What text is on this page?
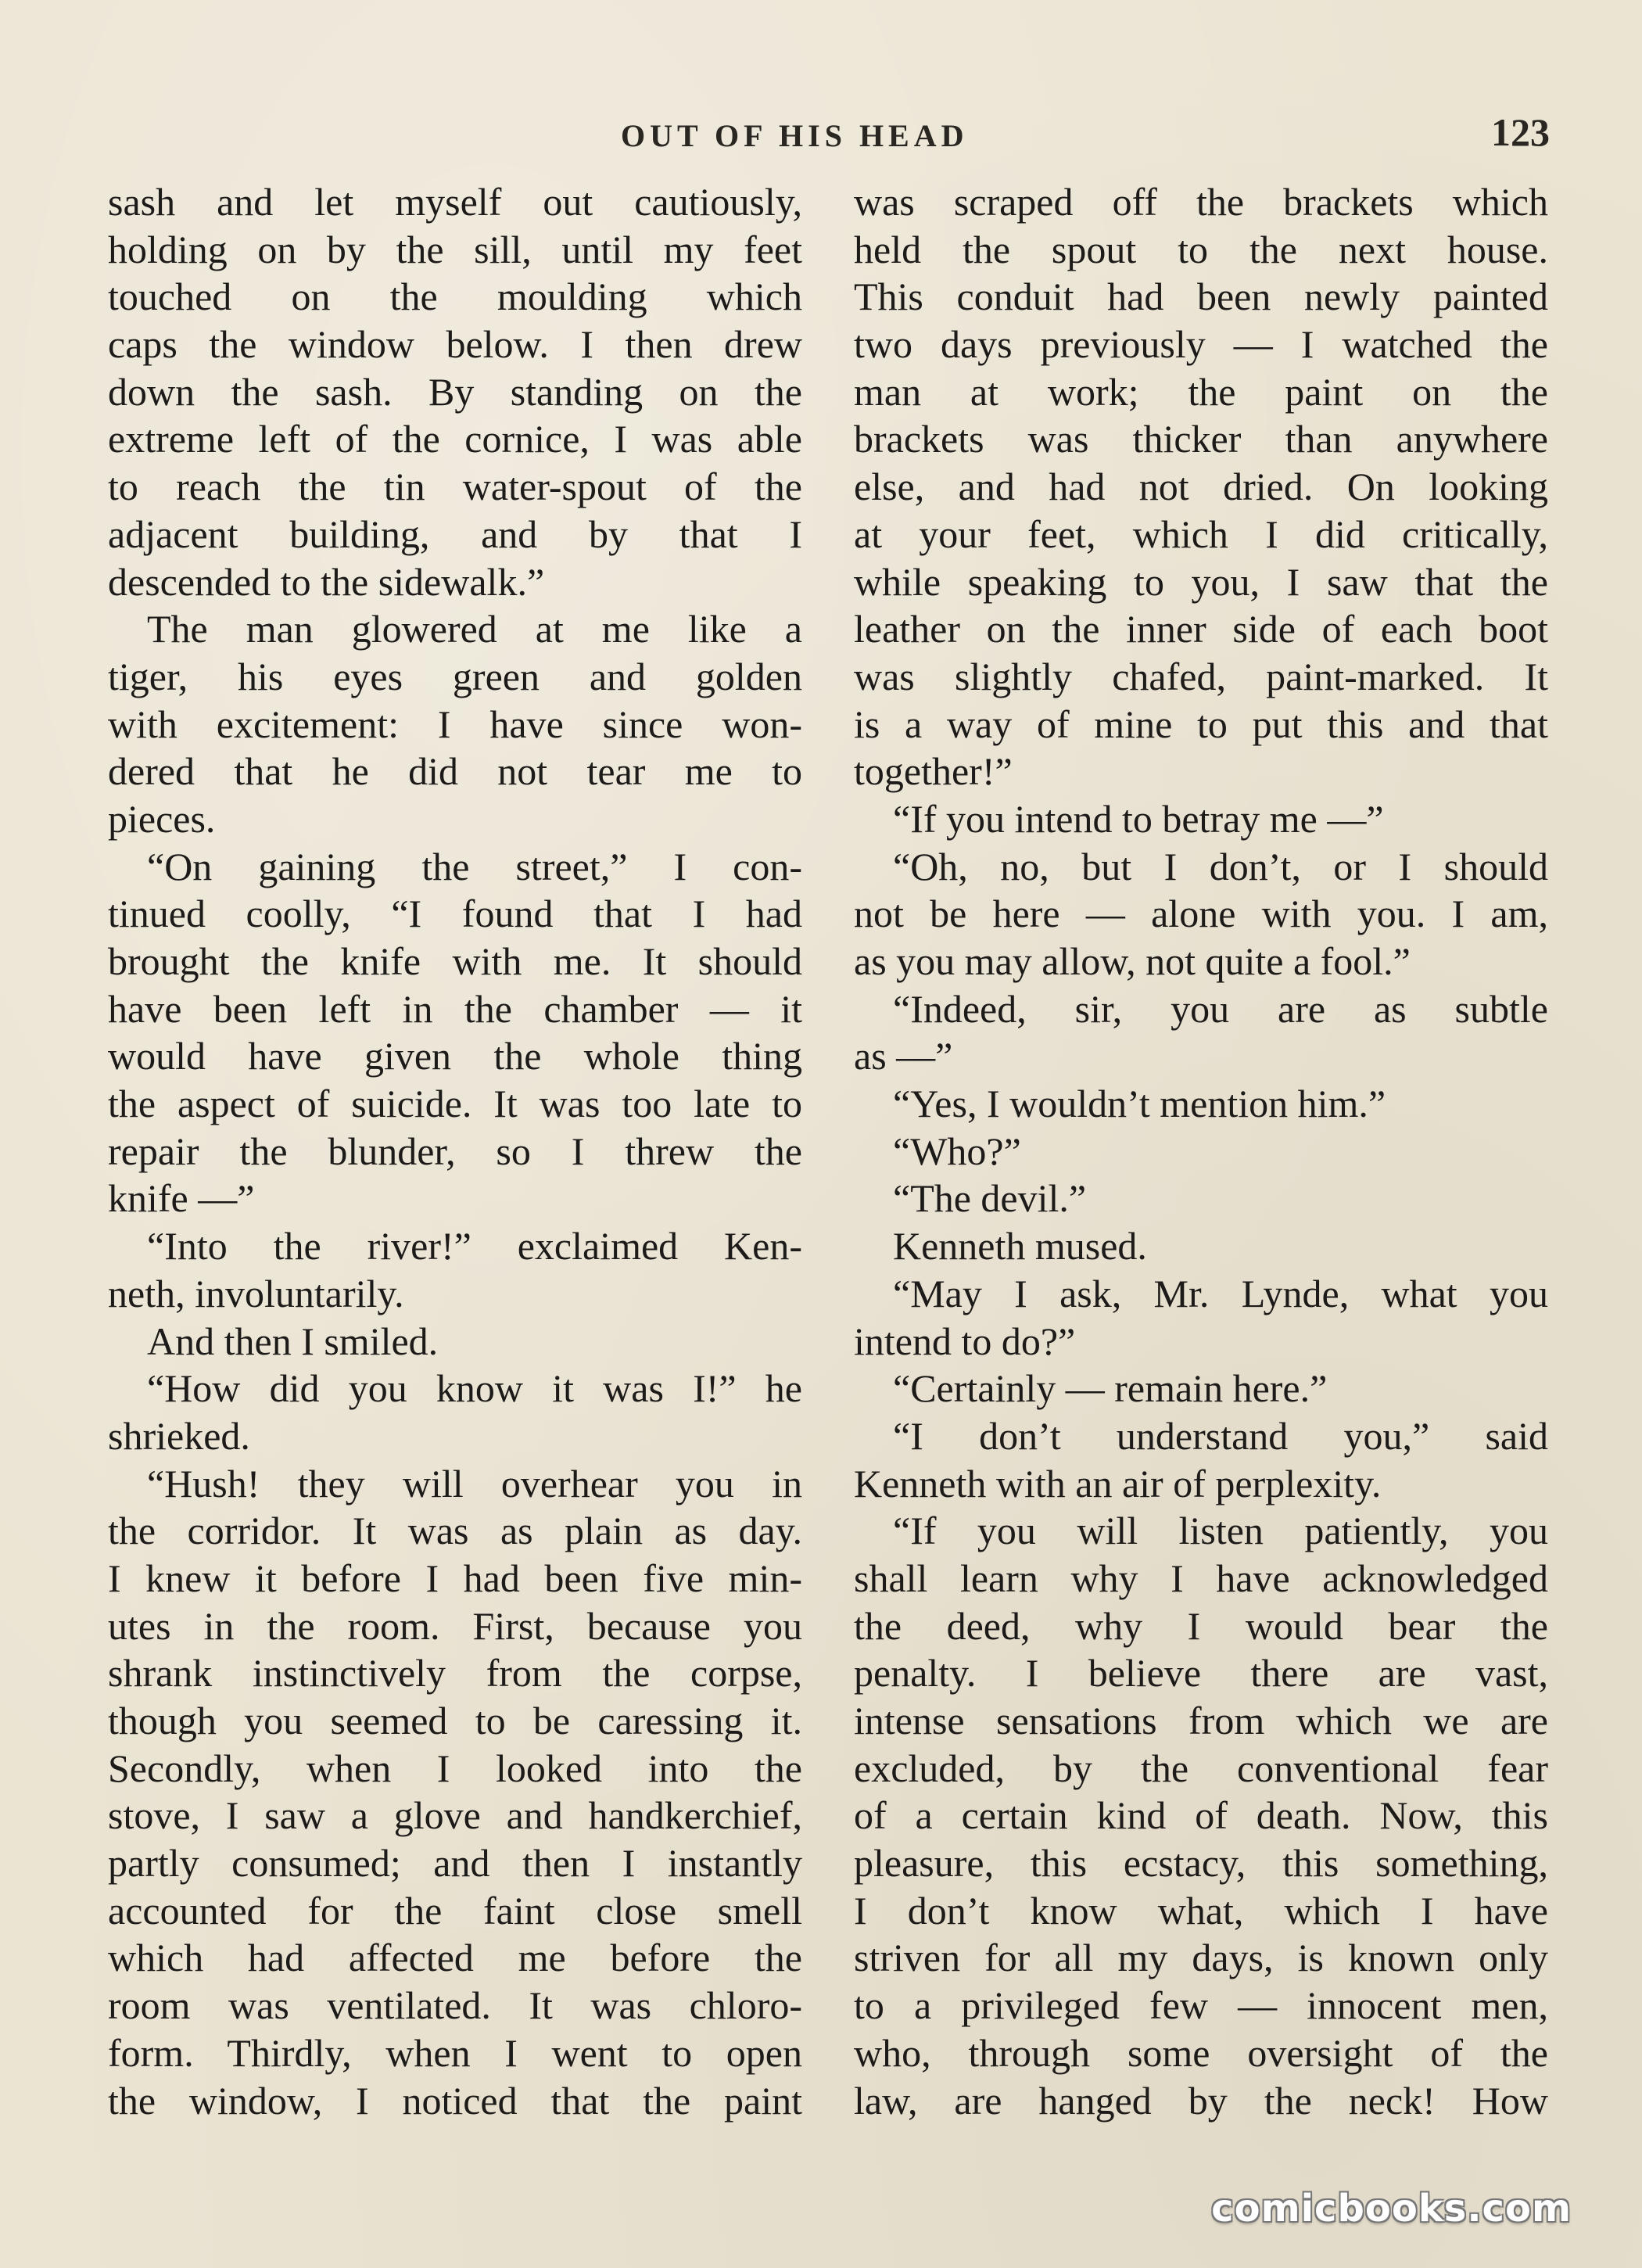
OUT OF HIS HEAD	123
sash and let myself out cautiously,
holding on by the sill, until my feet
touched on the moulding which
caps the window below. I then drew
down the sash. By standing on the
extreme left of the cornice, I was able
to reach the tin water-spout of the
adjacent building, and by that I
descended to the sidewalk.”
The man glowered at me like a
tiger, his eyes green and golden
with excitement: I have since won-
dered that he did not tear me to
pieces.
“On gaining the street,” I con-
tinued coolly, “I found that I had
brought the knife with me. It should
have been left in the chamber — it
would have given the whole thing
the aspect of suicide. It was too late to
repair the blunder, so I threw the
knife —”
“Into the river!” exclaimed Ken-
neth, involuntarily.
And then I smiled.
“How did you know it was I!” he
shrieked.
“Hush! they will overhear you in
the corridor. It was as plain as day.
I knew it before I had been five min-
utes in the room. First, because you
shrank instinctively from the corpse,
though you seemed to be caressing it.
Secondly, when I looked into the
stove, I saw a glove and handkerchief,
partly consumed; and then I instantly
accounted for the faint close smell
which had affected me before the
room was ventilated. It was chloro-
form. Thirdly, when I went to open
the window, I noticed that the paint
was scraped off the brackets which
held the spout to the next house.
This conduit had been newly painted
two days previously — I watched the
man at work; the paint on the
brackets was thicker than anywhere
else, and had not dried. On looking
at your feet, which I did critically,
while speaking to you, I saw that the
leather on the inner side of each boot
was slightly chafed, paint-marked. It
is a way of mine to put this and that
together!”
“If you intend to betray me —”
“Oh, no, but I don’t, or I should
not be here — alone with you. I am,
as you may allow, not quite a fool.”
“Indeed, sir, you are as subtle
as —”
“Yes, I wouldn’t mention him.”
“Who?”
“The devil.”
Kenneth mused.
“May I ask, Mr. Lynde, what you
intend to do?”
“Certainly — remain here.”
“I don’t understand you,” said
Kenneth with an air of perplexity.
“If you will listen patiently, you
shall learn why I have acknowledged
the deed, why I would bear the
penalty. I believe there are vast,
intense sensations from which we are
excluded, by the conventional fear
of a certain kind of death. Now, this
pleasure, this ecstacy, this something,
I don’t know what, which I have
striven for all my days, is known only
to a privileged few — innocent men,
who, through some oversight of the
law, are hanged by the neck! How
comicbooks.com
